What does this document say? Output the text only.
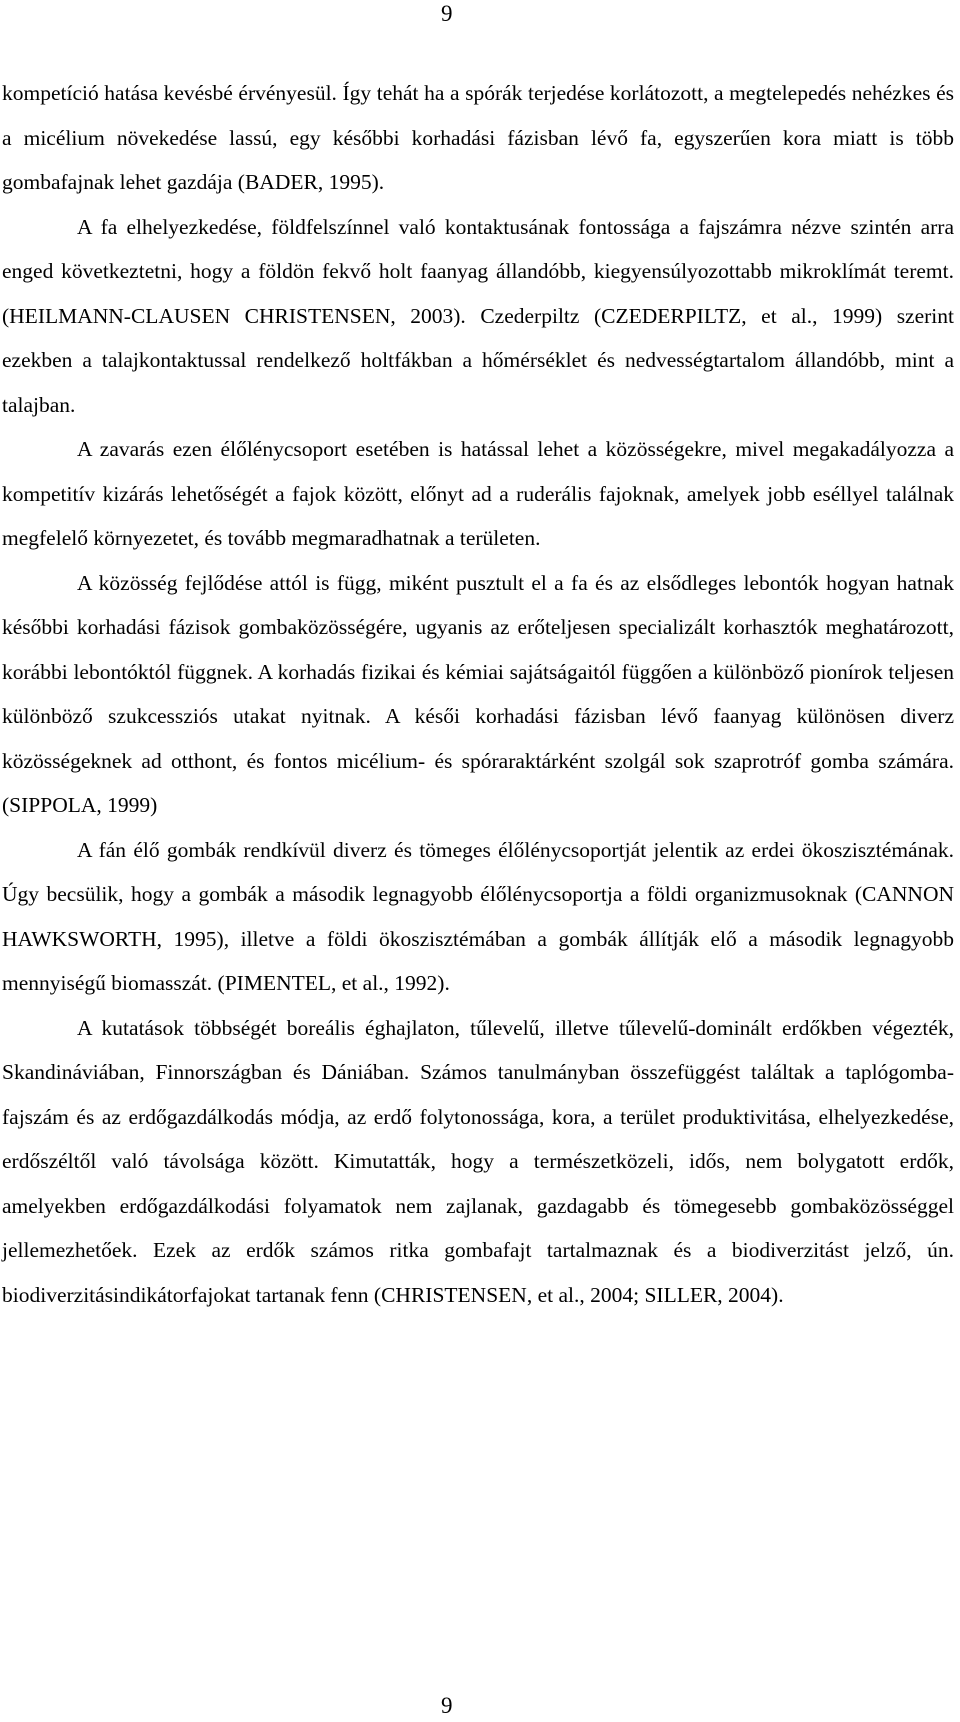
9

kompetíció hatása kevésbé érvényesül. Így tehát ha a spórák terjedése korlátozott, a megtelepedés nehézkes és a micélium növekedése lassú, egy későbbi korhadási fázisban lévő fa, egyszerűen kora miatt is több gombafajnak lehet gazdája (BADER, 1995).

A fa elhelyezkedése, földfelszínnel való kontaktusának fontossága a fajszámra nézve szintén arra enged következtetni, hogy a földön fekvő holt faanyag állandóbb, kiegyensúlyozottabb mikroklímát teremt. (HEILMANN-CLAUSEN CHRISTENSEN, 2003). Czederpiltz (CZEDERPILTZ, et al., 1999) szerint ezekben a talajkontaktussal rendelkező holtfákban a hőmérséklet és nedvességtartalom állandóbb, mint a talajban.

A zavarás ezen élőlénycsoport esetében is hatással lehet a közösségekre, mivel megakadályozza a kompetitív kizárás lehetőségét a fajok között, előnyt ad a ruderális fajoknak, amelyek jobb eséllyel találnak megfelelő környezetet, és tovább megmaradhatnak a területen.

A közösség fejlődése attól is függ, miként pusztult el a fa és az elsődleges lebontók hogyan hatnak későbbi korhadási fázisok gombaközösségére, ugyanis az erőteljesen specializált korhasztók meghatározott, korábbi lebontóktól függnek. A korhadás fizikai és kémiai sajátságaitól függően a különböző pionírok teljesen különböző szukcessziós utakat nyitnak. A késői korhadási fázisban lévő faanyag különösen diverz közösségeknek ad otthont, és fontos micélium- és spóraraktárként szolgál sok szaprotróf gomba számára. (SIPPOLA, 1999)

A fán élő gombák rendkívül diverz és tömeges élőlénycsoportját jelentik az erdei ökoszisztémának. Úgy becsülik, hogy a gombák a második legnagyobb élőlénycsoportja a földi organizmusoknak (CANNON HAWKSWORTH, 1995), illetve a földi ökoszisztémában a gombák állítják elő a második legnagyobb mennyiségű biomasszát. (PIMENTEL, et al., 1992).

A kutatások többségét boreális éghajlaton, tűlevelű, illetve tűlevelű-dominált erdőkben végezték, Skandináviában, Finnországban és Dániában. Számos tanulmányban összefüggést találtak a taplógomba-fajszám és az erdőgazdálkodás módja, az erdő folytonossága, kora, a terület produktivitása, elhelyezkedése, erdőszéltől való távolsága között. Kimutatták, hogy a természetközeli, idős, nem bolygatott erdők, amelyekben erdőgazdálkodási folyamatok nem zajlanak, gazdagabb és tömegesebb gombaközösséggel jellemezhetőek. Ezek az erdők számos ritka gombafajt tartalmaznak és a biodiverzitást jelző, ún. biodiverzitásindikátorfajokat tartanak fenn (CHRISTENSEN, et al., 2004; SILLER, 2004).

9
